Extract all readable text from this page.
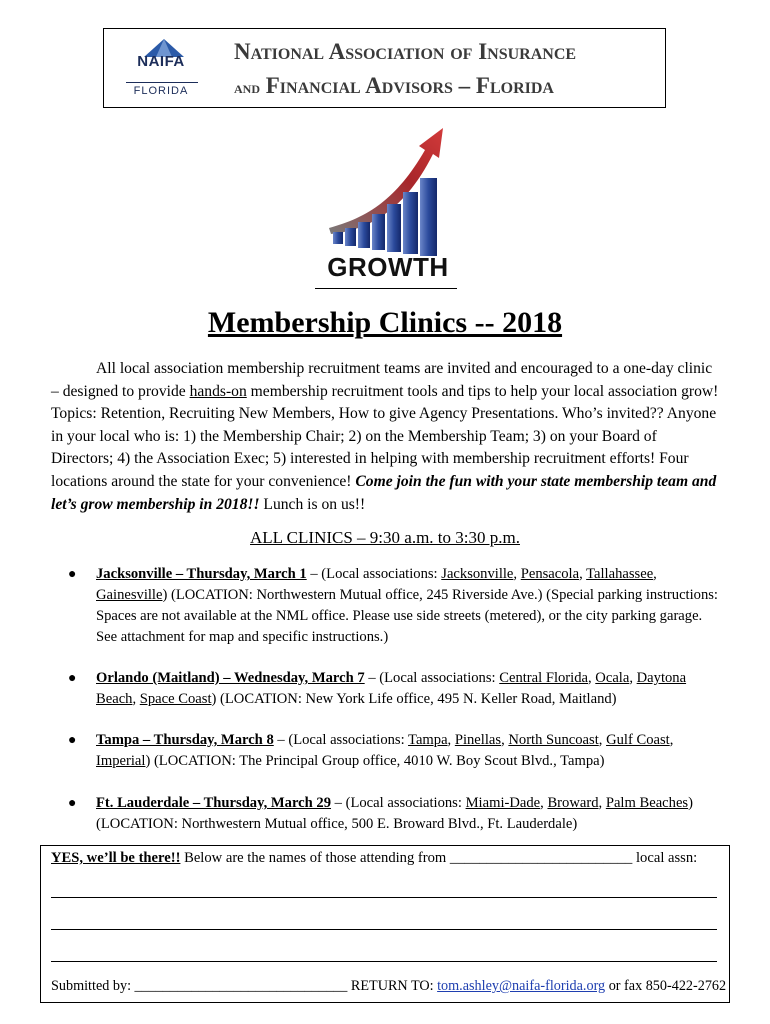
NAIFA
FLORIDA
National Association of Insurance
and Financial Advisors – Florida
GROWTH
Membership Clinics -- 2018

All local association membership recruitment teams are invited and encouraged to a one-day clinic – designed to provide hands-on membership recruitment tools and tips to help your local association grow! Topics: Retention, Recruiting New Members, How to give Agency Presentations. Who’s invited?? Anyone in your local who is: 1) the Membership Chair; 2) on the Membership Team; 3) on your Board of Directors; 4) the Association Exec; 5) interested in helping with membership recruitment efforts! Four locations around the state for your convenience! Come join the fun with your state membership team and let’s grow membership in 2018!! Lunch is on us!!

ALL CLINICS – 9:30 a.m. to 3:30 p.m.
● Jacksonville – Thursday, March 1 – (Local associations: Jacksonville, Pensacola, Tallahassee, Gainesville) (LOCATION: Northwestern Mutual office, 245 Riverside Ave.) (Special parking instructions: Spaces are not available at the NML office. Please use side streets (metered), or the city parking garage. See attachment for map and specific instructions.)
● Orlando (Maitland) – Wednesday, March 7 – (Local associations: Central Florida, Ocala, Daytona Beach, Space Coast) (LOCATION: New York Life office, 495 N. Keller Road, Maitland)
● Tampa – Thursday, March 8 – (Local associations: Tampa, Pinellas, North Suncoast, Gulf Coast, Imperial) (LOCATION: The Principal Group office, 4010 W. Boy Scout Blvd., Tampa)
● Ft. Lauderdale – Thursday, March 29 – (Local associations: Miami-Dade, Broward, Palm Beaches) (LOCATION: Northwestern Mutual office, 500 E. Broward Blvd., Ft. Lauderdale)
YES, we’ll be there!! Below are the names of those attending from _________________________ local assn:
Submitted by: ______________________________ RETURN TO: tom.ashley@naifa-florida.org or fax 850-422-2762
